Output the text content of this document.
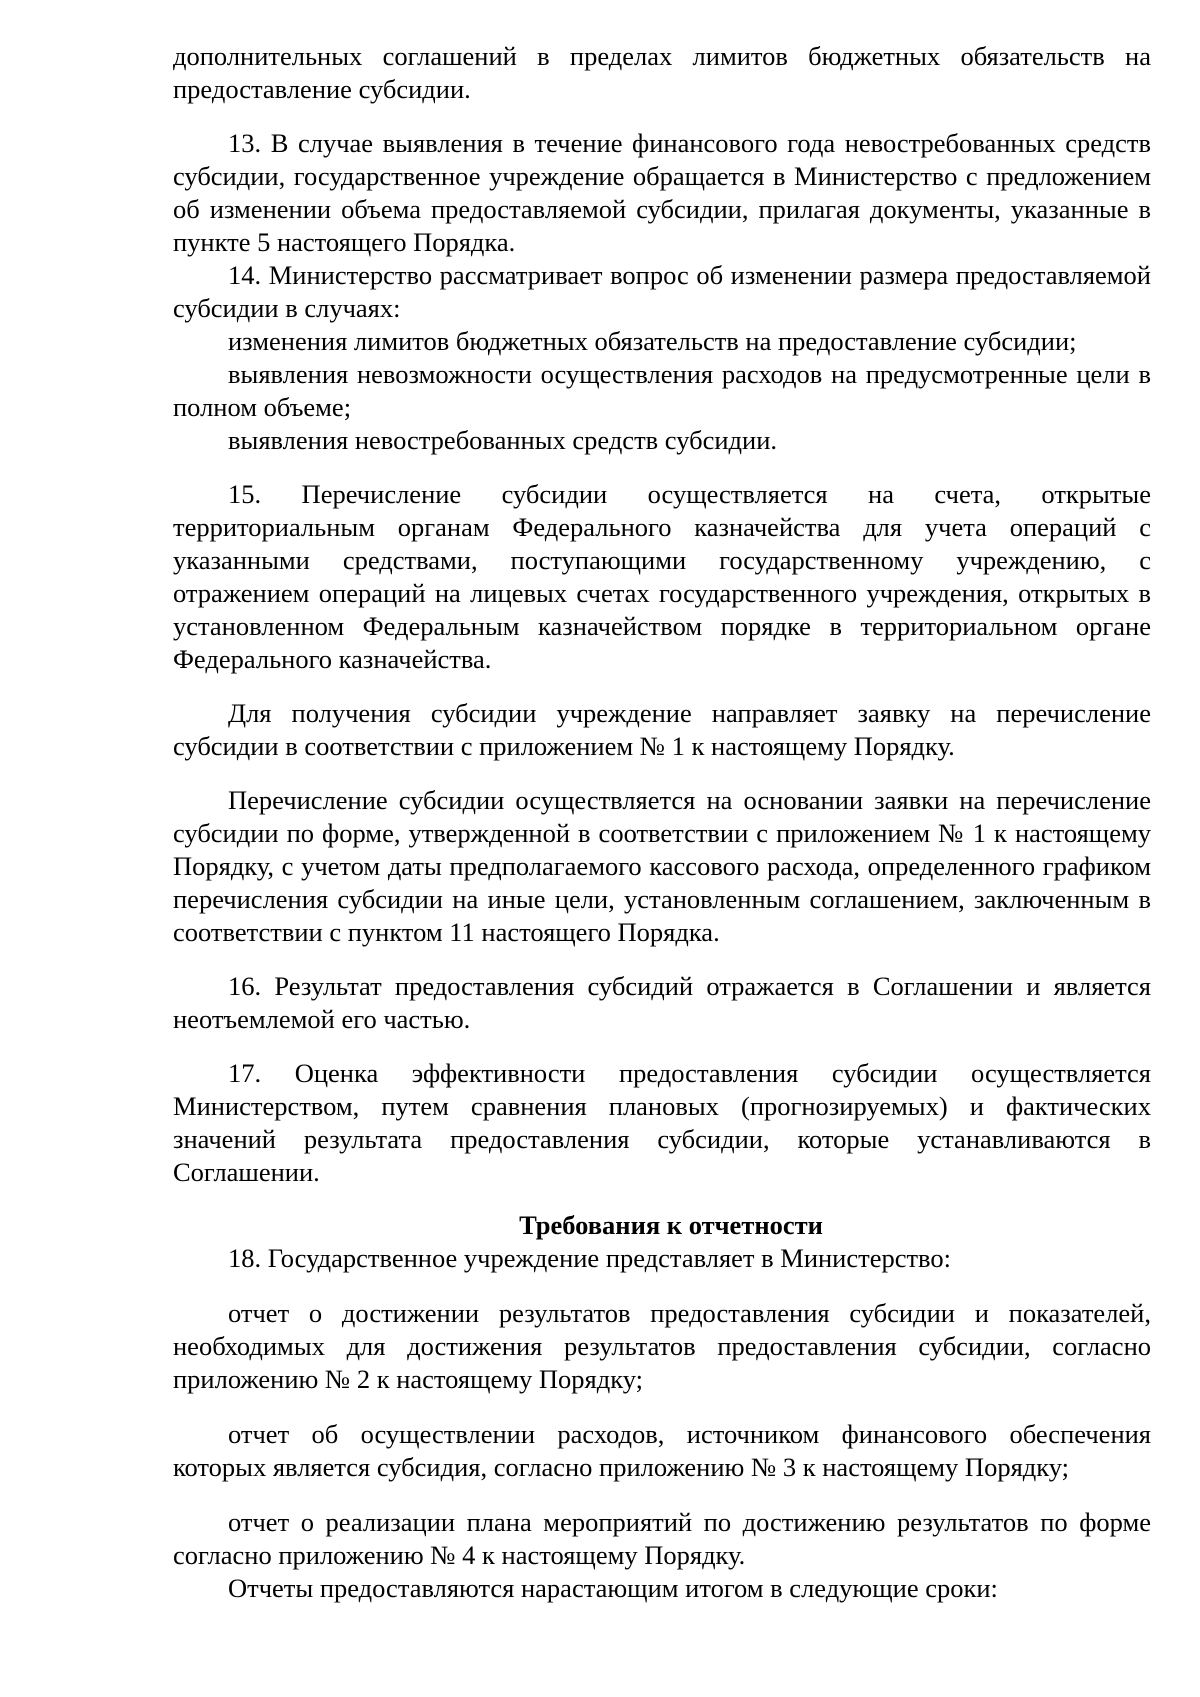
дополнительных соглашений в пределах лимитов бюджетных обязательств на предоставление субсидии.

13. В случае выявления в течение финансового года невостребованных средств субсидии, государственное учреждение обращается в Министерство с предложением об изменении объема предоставляемой субсидии, прилагая документы, указанные в пункте 5 настоящего Порядка.

14. Министерство рассматривает вопрос об изменении размера предоставляемой субсидии в случаях:

изменения лимитов бюджетных обязательств на предоставление субсидии;

выявления невозможности осуществления расходов на предусмотренные цели в полном объеме;

выявления невостребованных средств субсидии.

15. Перечисление субсидии осуществляется на счета, открытые территориальным органам Федерального казначейства для учета операций с указанными средствами, поступающими государственному учреждению, с отражением операций на лицевых счетах государственного учреждения, открытых в установленном Федеральным казначейством порядке в территориальном органе Федерального казначейства.

Для получения субсидии учреждение направляет заявку на перечисление субсидии в соответствии с приложением № 1 к настоящему Порядку.

Перечисление субсидии осуществляется на основании заявки на перечисление субсидии по форме, утвержденной в соответствии с приложением № 1 к настоящему Порядку, с учетом даты предполагаемого кассового расхода, определенного графиком перечисления субсидии на иные цели, установленным соглашением, заключенным в соответствии с пунктом 11 настоящего Порядка.

16. Результат предоставления субсидий отражается в Соглашении и является неотъемлемой его частью.

17. Оценка эффективности предоставления субсидии осуществляется Министерством, путем сравнения плановых (прогнозируемых) и фактических значений результата предоставления субсидии, которые устанавливаются в Соглашении.

Требования к отчетности

18. Государственное учреждение представляет в Министерство:

отчет о достижении результатов предоставления субсидии и показателей, необходимых для достижения результатов предоставления субсидии, согласно приложению № 2 к настоящему Порядку;

отчет об осуществлении расходов, источником финансового обеспечения которых является субсидия, согласно приложению № 3 к настоящему Порядку;

отчет о реализации плана мероприятий по достижению результатов по форме согласно приложению № 4 к настоящему Порядку.

Отчеты предоставляются нарастающим итогом в следующие сроки:
